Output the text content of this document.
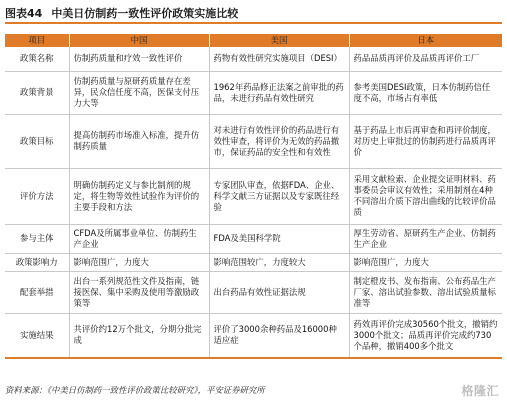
图表44 中美日仿制药一致性评价政策实施比较
项目	中国	美国	日本
政策名称	仿制药质量和疗效一致性评价	药物有效性研究实施项目（DESI）	药品品质再评价及品质再评价工厂
政策背景	仿制药质量与原研药质量存在差异，民众信任度不高，医保支付压力大等	1962年药品修正法案之前审批的药品，未进行药品有效性研究	参考美国DESI政策，日本仿制药信任度不高，市场占有率低
政策目标	提高仿制药市场准入标准，提升仿制药质量	对未进行有效性评价的药品进行有效性审查，将评价为无效的药品撤市，保证药品的安全性和有效性	基于药品上市后再审查和再评价制度，对历史上审批过的仿制药进行品质再评价
评价方法	明确仿制药定义与参比制剂的规定，将生物等效性试验作为评价的主要手段和方法	专家团队审查，依据FDA、企业、科学文献三方证据以及专家既往经验	采用文献检索、企业提交证明材料、药事委员会审议有效性；采用制剂在4种不同溶出介质下溶出曲线的比较评价品质
参与主体	CFDA及所属事业单位、仿制药生产企业	FDA及美国科学院	厚生劳动省、原研药生产企业、仿制药生产企业
政策影响力	影响范围广，力度大	影响范围较广，力度较大	影响范围广，力度大
配套举措	出台一系列规范性文件及指南，链接医保、集中采购及使用等激励政策等	出台药品有效性证据法规	制定橙皮书、发布指南、公布药品生产厂家、溶出试验参数、溶出试验质量标准等
实施结果	共评价约12万个批文，分期分批完成	评价了3000余种药品及16000种适应症	药效再评价完成30560个批文，撤销约3000个批文；品质再评价完成约730个品种，撤销400多个批文
资料来源：《中美日仿制药一致性评价政策比较研究》，平安证券研究所	格隆汇
